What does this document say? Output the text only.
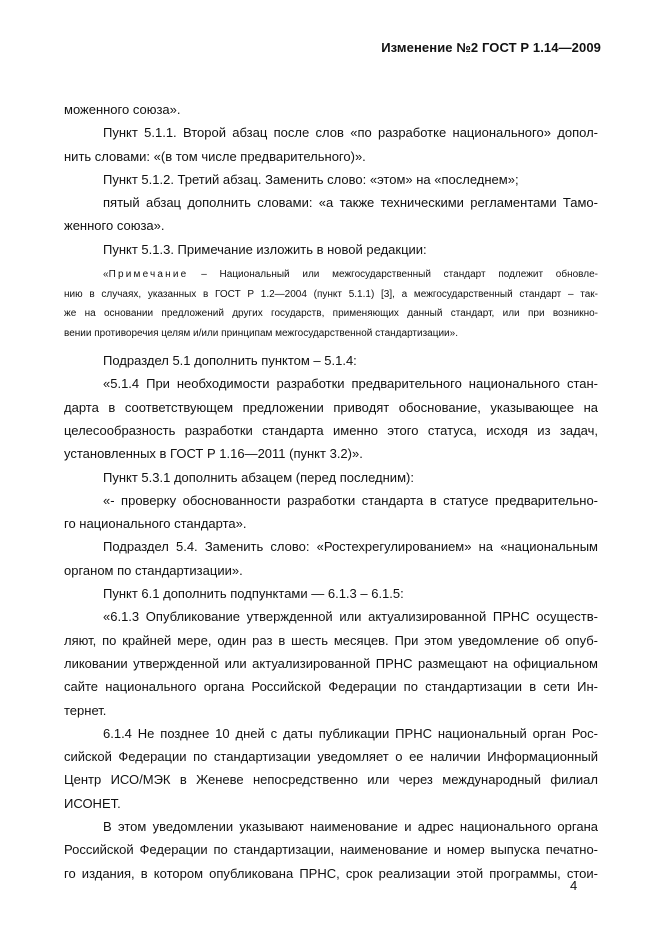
Изменение №2 ГОСТ Р 1.14—2009
моженного союза».
Пункт 5.1.1. Второй абзац после слов «по разработке национального» допол-
нить словами: «(в том числе предварительного)».
Пункт 5.1.2. Третий абзац. Заменить слово: «этом» на «последнем»;
пятый абзац дополнить словами: «а также техническими регламентами Тамо-
женного союза».
Пункт 5.1.3. Примечание изложить в новой редакции:
«Примечание – Национальный или межгосударственный стандарт подлежит обновле-
нию в случаях, указанных в ГОСТ Р 1.2—2004 (пункт 5.1.1) [3], а межгосударственный стандарт – так-
же на основании предложений других государств, применяющих данный стандарт, или при возникно-
вении противоречия целям и/или принципам межгосударственной стандартизации».
Подраздел 5.1 дополнить пунктом – 5.1.4:
«5.1.4 При необходимости разработки предварительного национального стан-
дарта в соответствующем предложении приводят обоснование, указывающее на
целесообразность разработки стандарта именно этого статуса, исходя из задач,
установленных в ГОСТ Р 1.16—2011 (пункт 3.2)».
Пункт 5.3.1 дополнить абзацем (перед последним):
«- проверку обоснованности разработки стандарта в статусе предварительно-
го национального стандарта».
Подраздел 5.4. Заменить слово: «Ростехрегулированием» на «национальным
органом по стандартизации».
Пункт 6.1 дополнить подпунктами — 6.1.3 – 6.1.5:
«6.1.3 Опубликование утвержденной или актуализированной ПРНС осуществ-
ляют, по крайней мере, один раз в шесть месяцев. При этом уведомление об опуб-
ликовании утвержденной или актуализированной ПРНС размещают на официальном
сайте национального органа Российской Федерации по стандартизации в сети Ин-
тернет.
6.1.4 Не позднее 10 дней с даты публикации ПРНС национальный орган Рос-
сийской Федерации по стандартизации уведомляет о ее наличии Информационный
Центр ИСО/МЭК в Женеве непосредственно или через международный филиал
ИСОНЕТ.
В этом уведомлении указывают наименование и адрес национального органа
Российской Федерации по стандартизации, наименование и номер выпуска печатно-
го издания, в котором опубликована ПРНС, срок реализации этой программы, стои-
4
